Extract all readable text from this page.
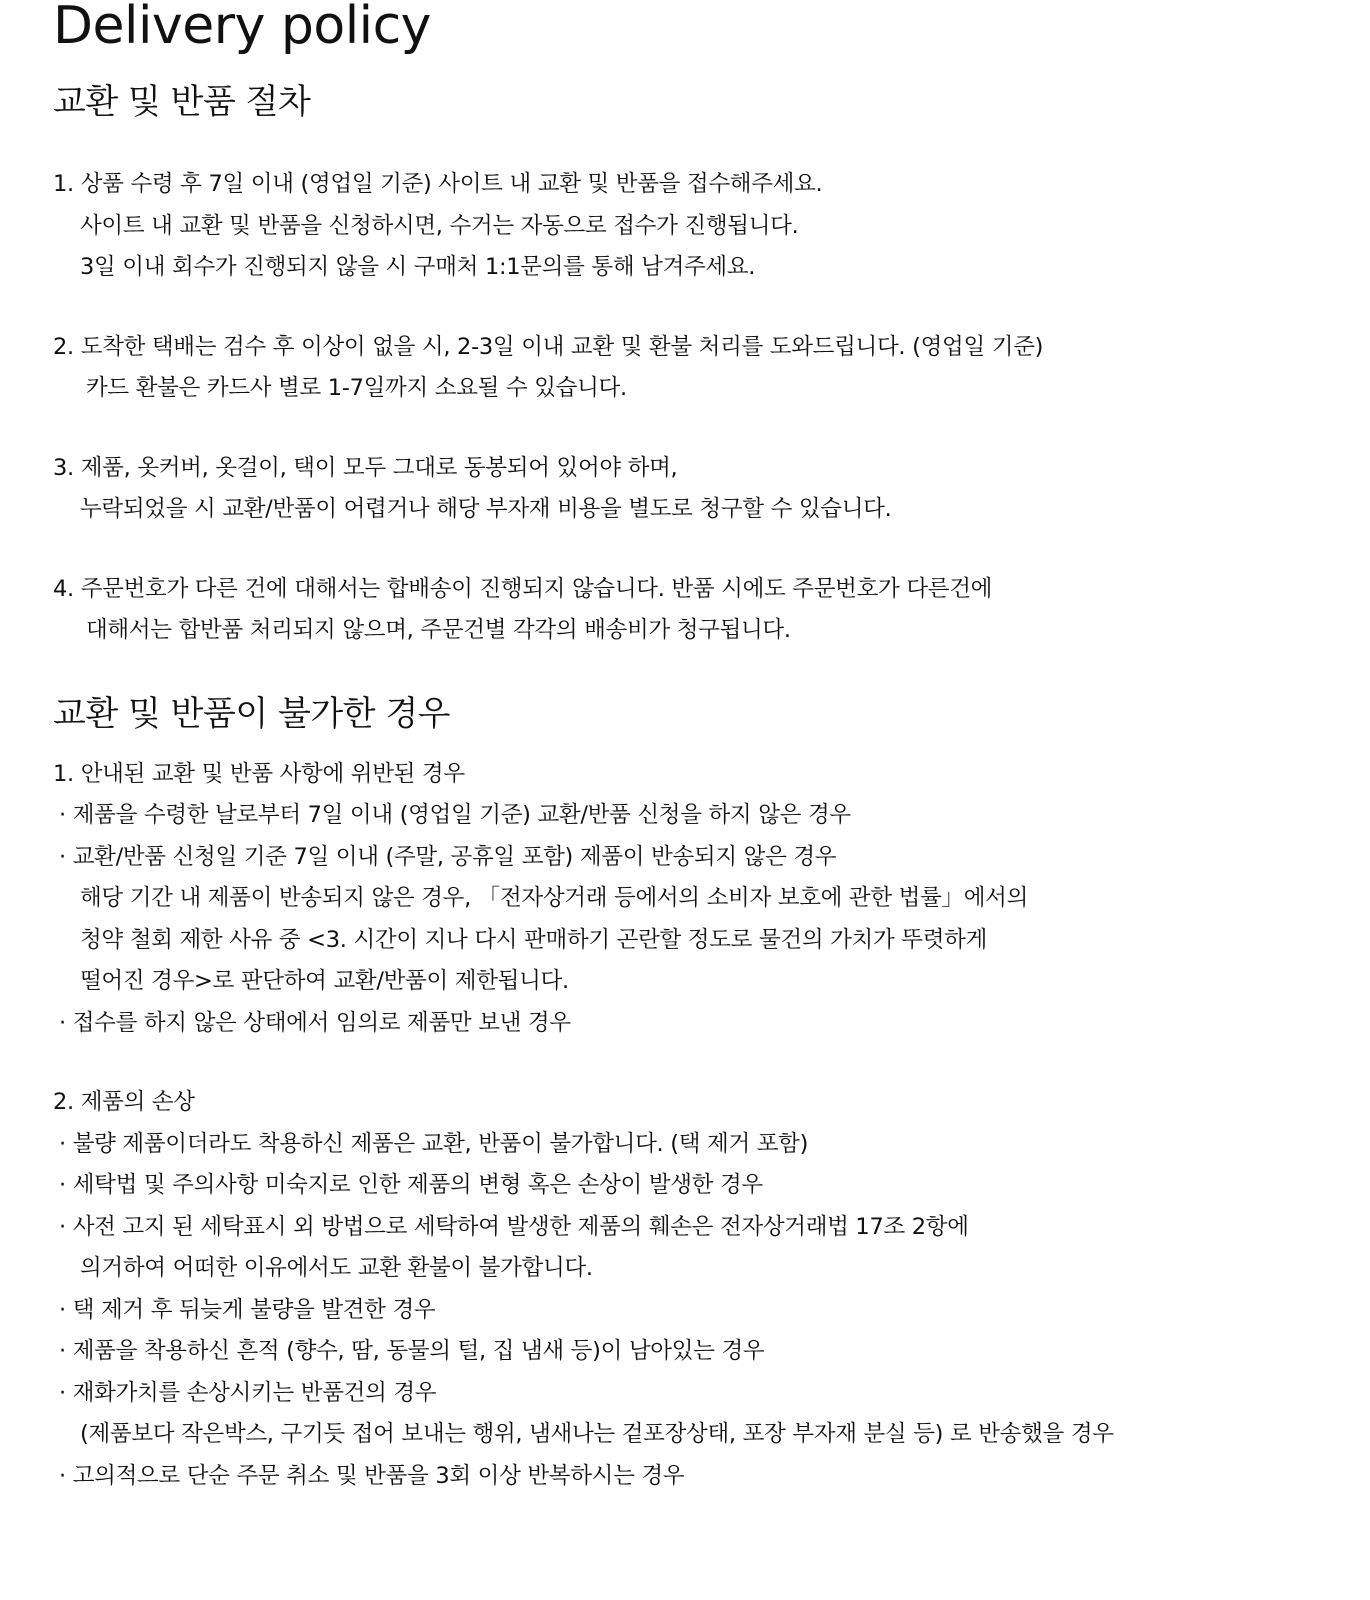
Delivery policy
교환 및 반품 절차
1. 상품 수령 후 7일 이내 (영업일 기준) 사이트 내 교환 및 반품을 접수해주세요.
사이트 내 교환 및 반품을 신청하시면, 수거는 자동으로 접수가 진행됩니다.
3일 이내 회수가 진행되지 않을 시 구매처 1:1문의를 통해 남겨주세요.
2. 도착한 택배는 검수 후 이상이 없을 시, 2-3일 이내 교환 및 환불 처리를 도와드립니다. (영업일 기준)
카드 환불은 카드사 별로 1-7일까지 소요될 수 있습니다.
3. 제품, 옷커버, 옷걸이, 택이 모두 그대로 동봉되어 있어야 하며,
누락되었을 시 교환/반품이 어렵거나 해당 부자재 비용을 별도로 청구할 수 있습니다.
4. 주문번호가 다른 건에 대해서는 합배송이 진행되지 않습니다. 반품 시에도 주문번호가 다른건에
대해서는 합반품 처리되지 않으며, 주문건별 각각의 배송비가 청구됩니다.
교환 및 반품이 불가한 경우
1. 안내된 교환 및 반품 사항에 위반된 경우
· 제품을 수령한 날로부터 7일 이내 (영업일 기준) 교환/반품 신청을 하지 않은 경우
· 교환/반품 신청일 기준 7일 이내 (주말, 공휴일 포함) 제품이 반송되지 않은 경우
해당 기간 내 제품이 반송되지 않은 경우, 「전자상거래 등에서의 소비자 보호에 관한 법률」에서의
청약 철회 제한 사유 중 <3. 시간이 지나 다시 판매하기 곤란할 정도로 물건의 가치가 뚜렷하게
떨어진 경우>로 판단하여 교환/반품이 제한됩니다.
· 접수를 하지 않은 상태에서 임의로 제품만 보낸 경우
2. 제품의 손상
· 불량 제품이더라도 착용하신 제품은 교환, 반품이 불가합니다. (택 제거 포함)
· 세탁법 및 주의사항 미숙지로 인한 제품의 변형 혹은 손상이 발생한 경우
· 사전 고지 된 세탁표시 외 방법으로 세탁하여 발생한 제품의 훼손은 전자상거래법 17조 2항에
의거하여 어떠한 이유에서도 교환 환불이 불가합니다.
· 택 제거 후 뒤늦게 불량을 발견한 경우
· 제품을 착용하신 흔적 (향수, 땀, 동물의 털, 집 냄새 등)이 남아있는 경우
· 재화가치를 손상시키는 반품건의 경우
(제품보다 작은박스, 구기듯 접어 보내는 행위, 냄새나는 겉포장상태, 포장 부자재 분실 등) 로 반송했을 경우
· 고의적으로 단순 주문 취소 및 반품을 3회 이상 반복하시는 경우
